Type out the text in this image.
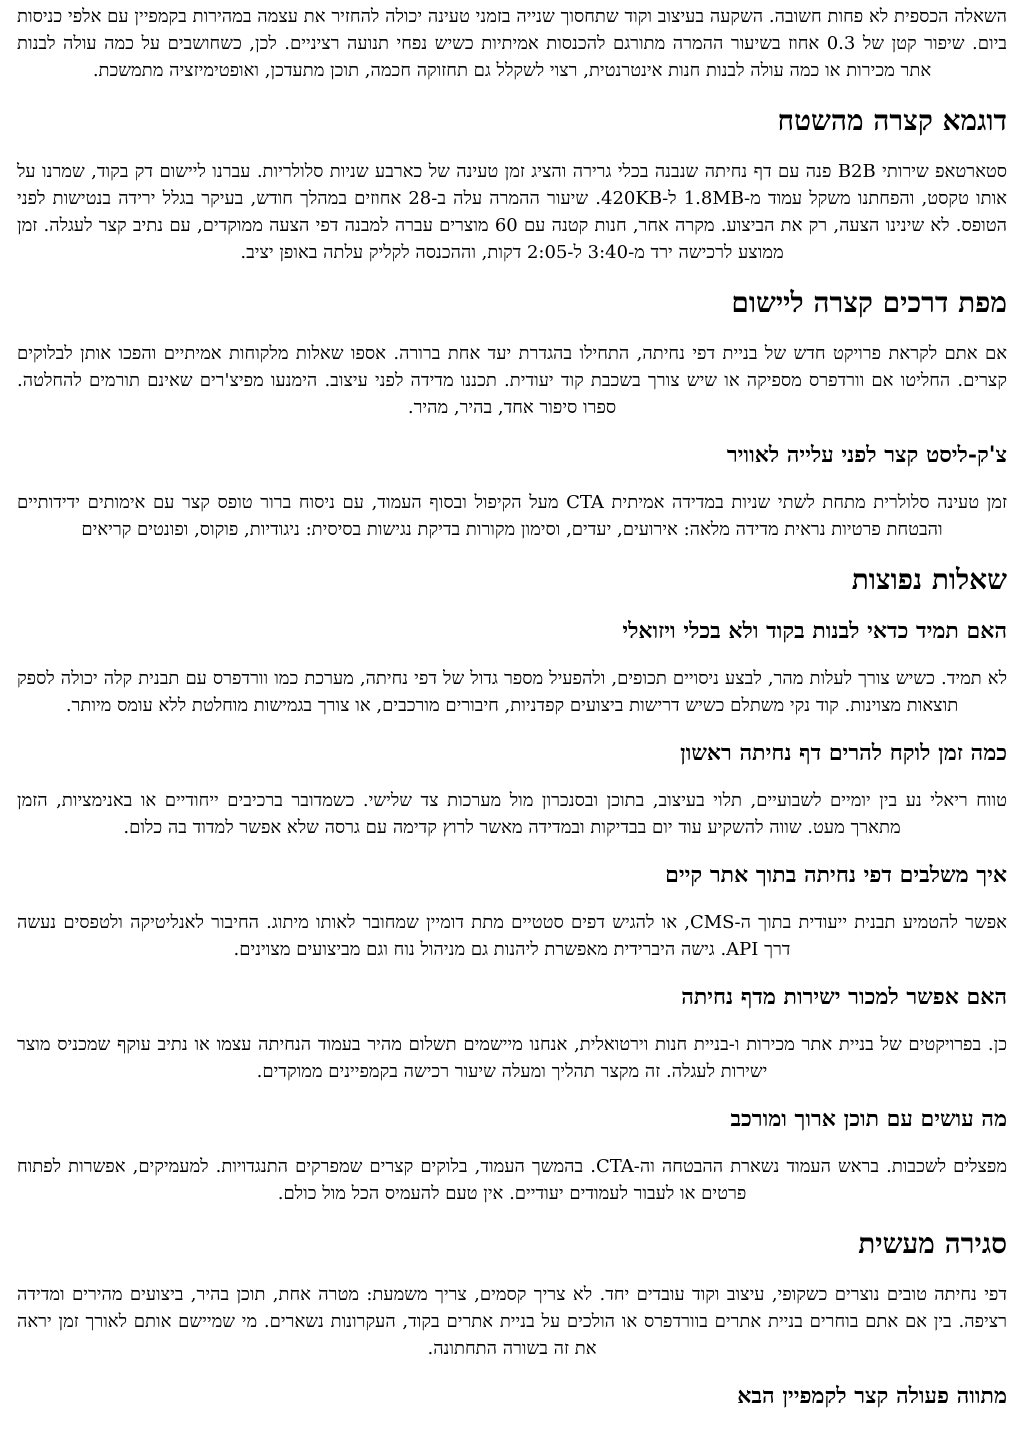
השאלה הכספית לא פחות חשובה. השקעה בעיצוב וקוד שתחסוך שנייה בזמני טעינה יכולה להחזיר את עצמה במהירות בקמפיין עם אלפי כניסות ביום. שיפור קטן של 0.3 אחוז בשיעור ההמרה מתורגם להכנסות אמיתיות כשיש נפחי תנועה רציניים. לכן, כשחושבים על כמה עולה לבנות אתר מכירות או כמה עולה לבנות חנות אינטרנטית, רצוי לשקלל גם תחזוקה חכמה, תוכן מתעדכן, ואופטימיזציה מתמשכת.

דוגמא קצרה מהשטח

סטארטאפ שירותי B2B פנה עם דף נחיתה שנבנה בכלי גרירה והציג זמן טעינה של כארבע שניות סלולריות. עברנו ליישום דק בקוד, שמרנו על אותו טקסט, והפחתנו משקל עמוד מ-1.8MB ל-420KB. שיעור ההמרה עלה ב-28 אחוזים במהלך חודש, בעיקר בגלל ירידה בנטישות לפני הטופס. לא שינינו הצעה, רק את הביצוע. מקרה אחר, חנות קטנה עם 60 מוצרים עברה למבנה דפי הצעה ממוקדים, עם נתיב קצר לעגלה. זמן ממוצע לרכישה ירד מ-3:40 ל-2:05 דקות, וההכנסה לקליק עלתה באופן יציב.

מפת דרכים קצרה ליישום

אם אתם לקראת פרויקט חדש של בניית דפי נחיתה, התחילו בהגדרת יעד אחת ברורה. אספו שאלות מלקוחות אמיתיים והפכו אותן לבלוקים קצרים. החליטו אם וורדפרס מספיקה או שיש צורך בשכבת קוד יעודית. תכננו מדידה לפני עיצוב. הימנעו מפיצ'רים שאינם תורמים להחלטה. ספרו סיפור אחד, בהיר, מהיר.

צ'ק-ליסט קצר לפני עלייה לאוויר

זמן טעינה סלולרית מתחת לשתי שניות במדידה אמיתית CTA מעל הקיפול ובסוף העמוד, עם ניסוח ברור טופס קצר עם אימותים ידידותיים והבטחת פרטיות נראית מדידה מלאה: אירועים, יעדים, וסימון מקורות בדיקת נגישות בסיסית: ניגודיות, פוקוס, ופונטים קריאים

שאלות נפוצות
האם תמיד כדאי לבנות בקוד ולא בכלי ויזואלי

לא תמיד. כשיש צורך לעלות מהר, לבצע ניסויים תכופים, ולהפעיל מספר גדול של דפי נחיתה, מערכת כמו וורדפרס עם תבנית קלה יכולה לספק תוצאות מצוינות. קוד נקי משתלם כשיש דרישות ביצועים קפדניות, חיבורים מורכבים, או צורך בגמישות מוחלטת ללא עומס מיותר.

כמה זמן לוקח להרים דף נחיתה ראשון

טווח ריאלי נע בין יומיים לשבועיים, תלוי בעיצוב, בתוכן ובסנכרון מול מערכות צד שלישי. כשמדובר ברכיבים ייחודיים או באנימציות, הזמן מתארך מעט. שווה להשקיע עוד יום בבדיקות ובמדידה מאשר לרוץ קדימה עם גרסה שלא אפשר למדוד בה כלום.

איך משלבים דפי נחיתה בתוך אתר קיים

אפשר להטמיע תבנית ייעודית בתוך ה-CMS, או להגיש דפים סטטיים מתת דומיין שמחובר לאותו מיתוג. החיבור לאנליטיקה ולטפסים נעשה דרך API. גישה היברידית מאפשרת ליהנות גם מניהול נוח וגם מביצועים מצוינים.

האם אפשר למכור ישירות מדף נחיתה

כן. בפרויקטים של בניית אתר מכירות ו-בניית חנות וירטואלית, אנחנו מיישמים תשלום מהיר בעמוד הנחיתה עצמו או נתיב עוקף שמכניס מוצר ישירות לעגלה. זה מקצר תהליך ומעלה שיעור רכישה בקמפיינים ממוקדים.

מה עושים עם תוכן ארוך ומורכב

מפצלים לשכבות. בראש העמוד נשארת ההבטחה וה-CTA. בהמשך העמוד, בלוקים קצרים שמפרקים התנגדויות. למעמיקים, אפשרות לפתוח פרטים או לעבור לעמודים יעודיים. אין טעם להעמיס הכל מול כולם.

סגירה מעשית

דפי נחיתה טובים נוצרים כשקופי, עיצוב וקוד עובדים יחד. לא צריך קסמים, צריך משמעת: מטרה אחת, תוכן בהיר, ביצועים מהירים ומדידה רציפה. בין אם אתם בוחרים בניית אתרים בוורדפרס או הולכים על בניית אתרים בקוד, העקרונות נשארים. מי שמיישם אותם לאורך זמן יראה את זה בשורה התחתונה.

מתווה פעולה קצר לקמפיין הבא
